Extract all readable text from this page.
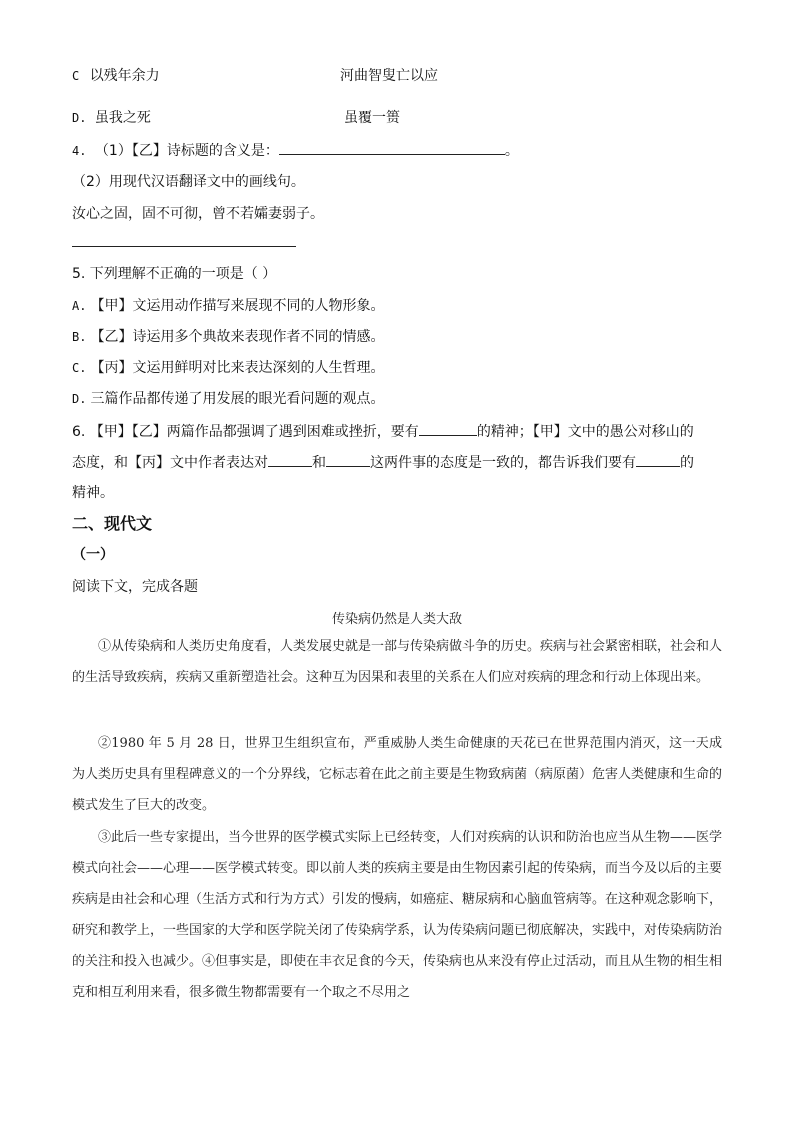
C 以残年余力	河曲智叟亡以应
D. 虽我之死	虽覆一篑
4. （1）【乙】诗标题的含义是：	。
（2）用现代汉语翻译文中的画线句。
汝心之固，固不可彻，曾不若孀妻弱子。
5. 下列理解不正确的一项是（ ）
A. 【甲】文运用动作描写来展现不同的人物形象。
B. 【乙】诗运用多个典故来表现作者不同的情感。
C. 【丙】文运用鲜明对比来表达深刻的人生哲理。
D. 三篇作品都传递了用发展的眼光看问题的观点。
6. 【甲】【乙】两篇作品都强调了遇到困难或挫折，要有	的精神；【甲】文中的愚公对移山的
态度，和【丙】文中作者表达对	和	这两件事的态度是一致的，都告诉我们要有	的
精神。
二、现代文
（一）
阅读下文，完成各题
传染病仍然是人类大敌
①从传染病和人类历史角度看，人类发展史就是一部与传染病做斗争的历史。疾病与社会紧密相联，社会和人的生活导致疾病，疾病又重新塑造社会。这种互为因果和表里的关系在人们应对疾病的理念和行动上体现出来。
②1980 年 5 月 28 日，世界卫生组织宣布，严重威胁人类生命健康的天花已在世界范围内消灭，这一天成为人类历史具有里程碑意义的一个分界线，它标志着在此之前主要是生物致病菌（病原菌）危害人类健康和生命的模式发生了巨大的改变。
③此后一些专家提出，当今世界的医学模式实际上已经转变，人们对疾病的认识和防治也应当从生物——医学模式向社会——心理——医学模式转变。即以前人类的疾病主要是由生物因素引起的传染病，而当今及以后的主要疾病是由社会和心理（生活方式和行为方式）引发的慢病，如癌症、糖尿病和心脑血管病等。在这种观念影响下，研究和教学上，一些国家的大学和医学院关闭了传染病学系，认为传染病问题已彻底解决，实践中，对传染病防治的关注和投入也减少。④但事实是，即使在丰衣足食的今天，传染病也从来没有停止过活动，而且从生物的相生相克和相互利用来看，很多微生物都需要有一个取之不尽用之
